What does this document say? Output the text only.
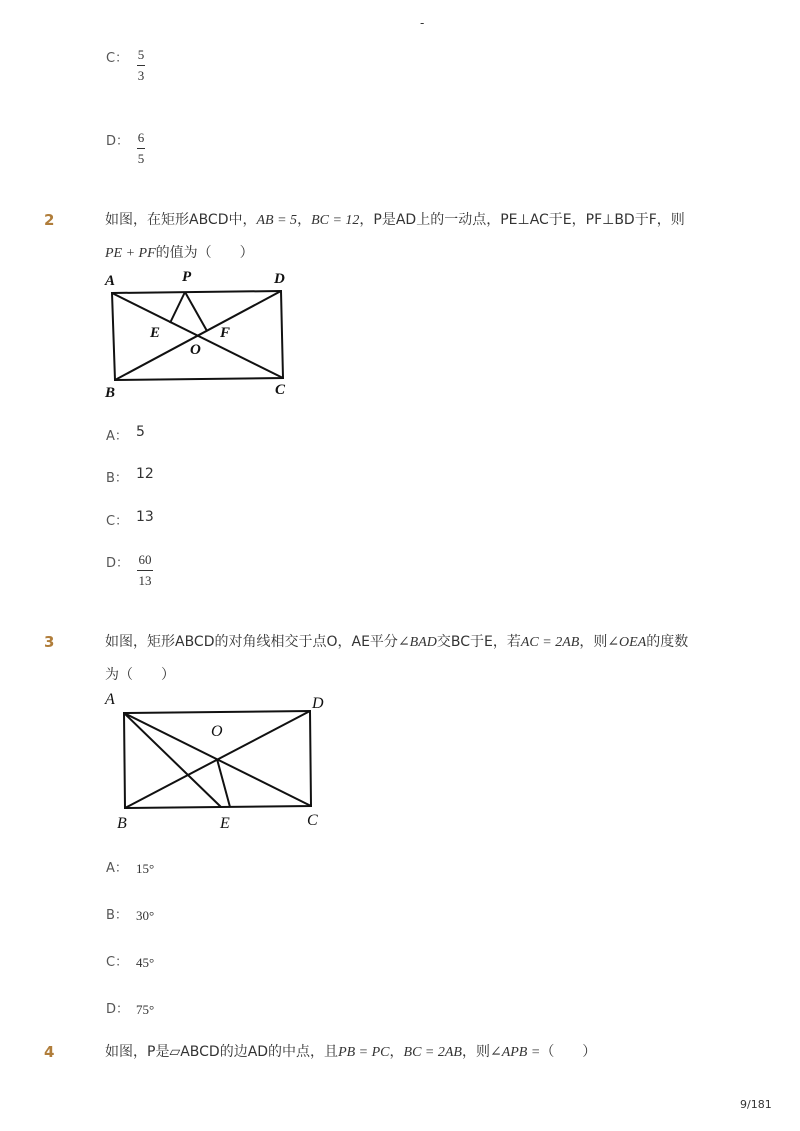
-
C： 5
3
D： 6
5
2	如图，在矩形ABCD中，AB = 5，BC = 12，P是AD上的一动点，PE⊥AC于E，PF⊥BD于F，则
PE + PF的值为（　　）
A	P	D
E	F
O
B	C
A： 5
B： 12
C： 13
D： 60
13
3	如图，矩形ABCD的对角线相交于点O，AE平分∠BAD交BC于E，若AC = 2AB，则∠OEA的度数
为（　　）
A	D
O
B	E	C
A： 15°
B： 30°
C： 45°
D： 75°
4	如图，P是▱ABCD的边AD的中点，且PB = PC，BC = 2AB，则∠APB =（　　）
9/181
